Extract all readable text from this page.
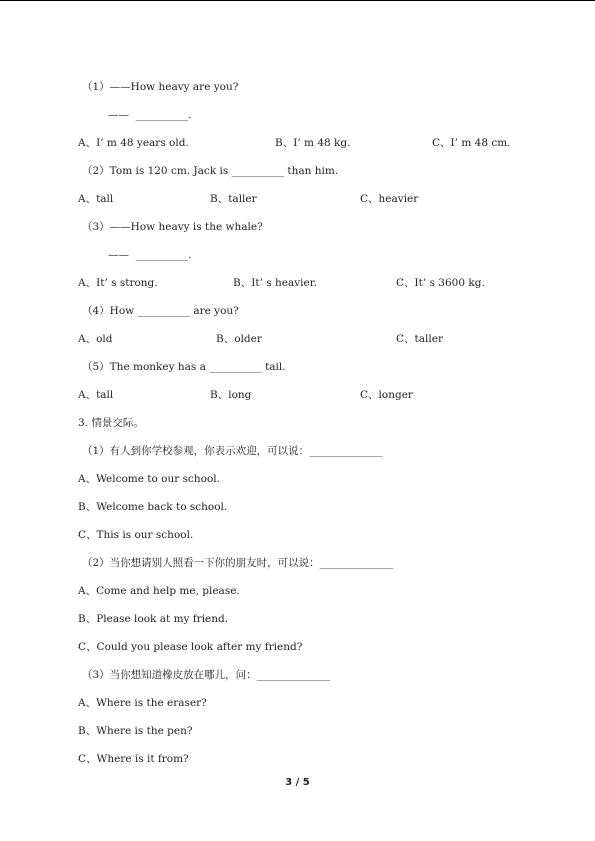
（1）——How heavy are you?
——  __________.
A、I’ m 48 years old.	B、I’ m 48 kg.	C、I’ m 48 cm.
（2）Tom is 120 cm. Jack is __________ than him.
A、tall	B、taller	C、heavier
（3）——How heavy is the whale?
——  __________.
A、It’ s strong.	B、It’ s heavier.	C、It’ s 3600 kg.
（4）How __________ are you?
A、old	B、older	C、taller
（5）The monkey has a __________ tail.
A、tall	B、long	C、longer
3. 情景交际。
（1）有人到你学校参观，你表示欢迎，可以说：______________
A、Welcome to our school.
B、Welcome back to school.
C、This is our school.
（2）当你想请别人照看一下你的朋友时，可以说：______________
A、Come and help me, please.
B、Please look at my friend.
C、Could you please look after my friend?
（3）当你想知道橡皮放在哪儿，问：______________
A、Where is the eraser?
B、Where is the pen?
C、Where is it from?
3 / 5
